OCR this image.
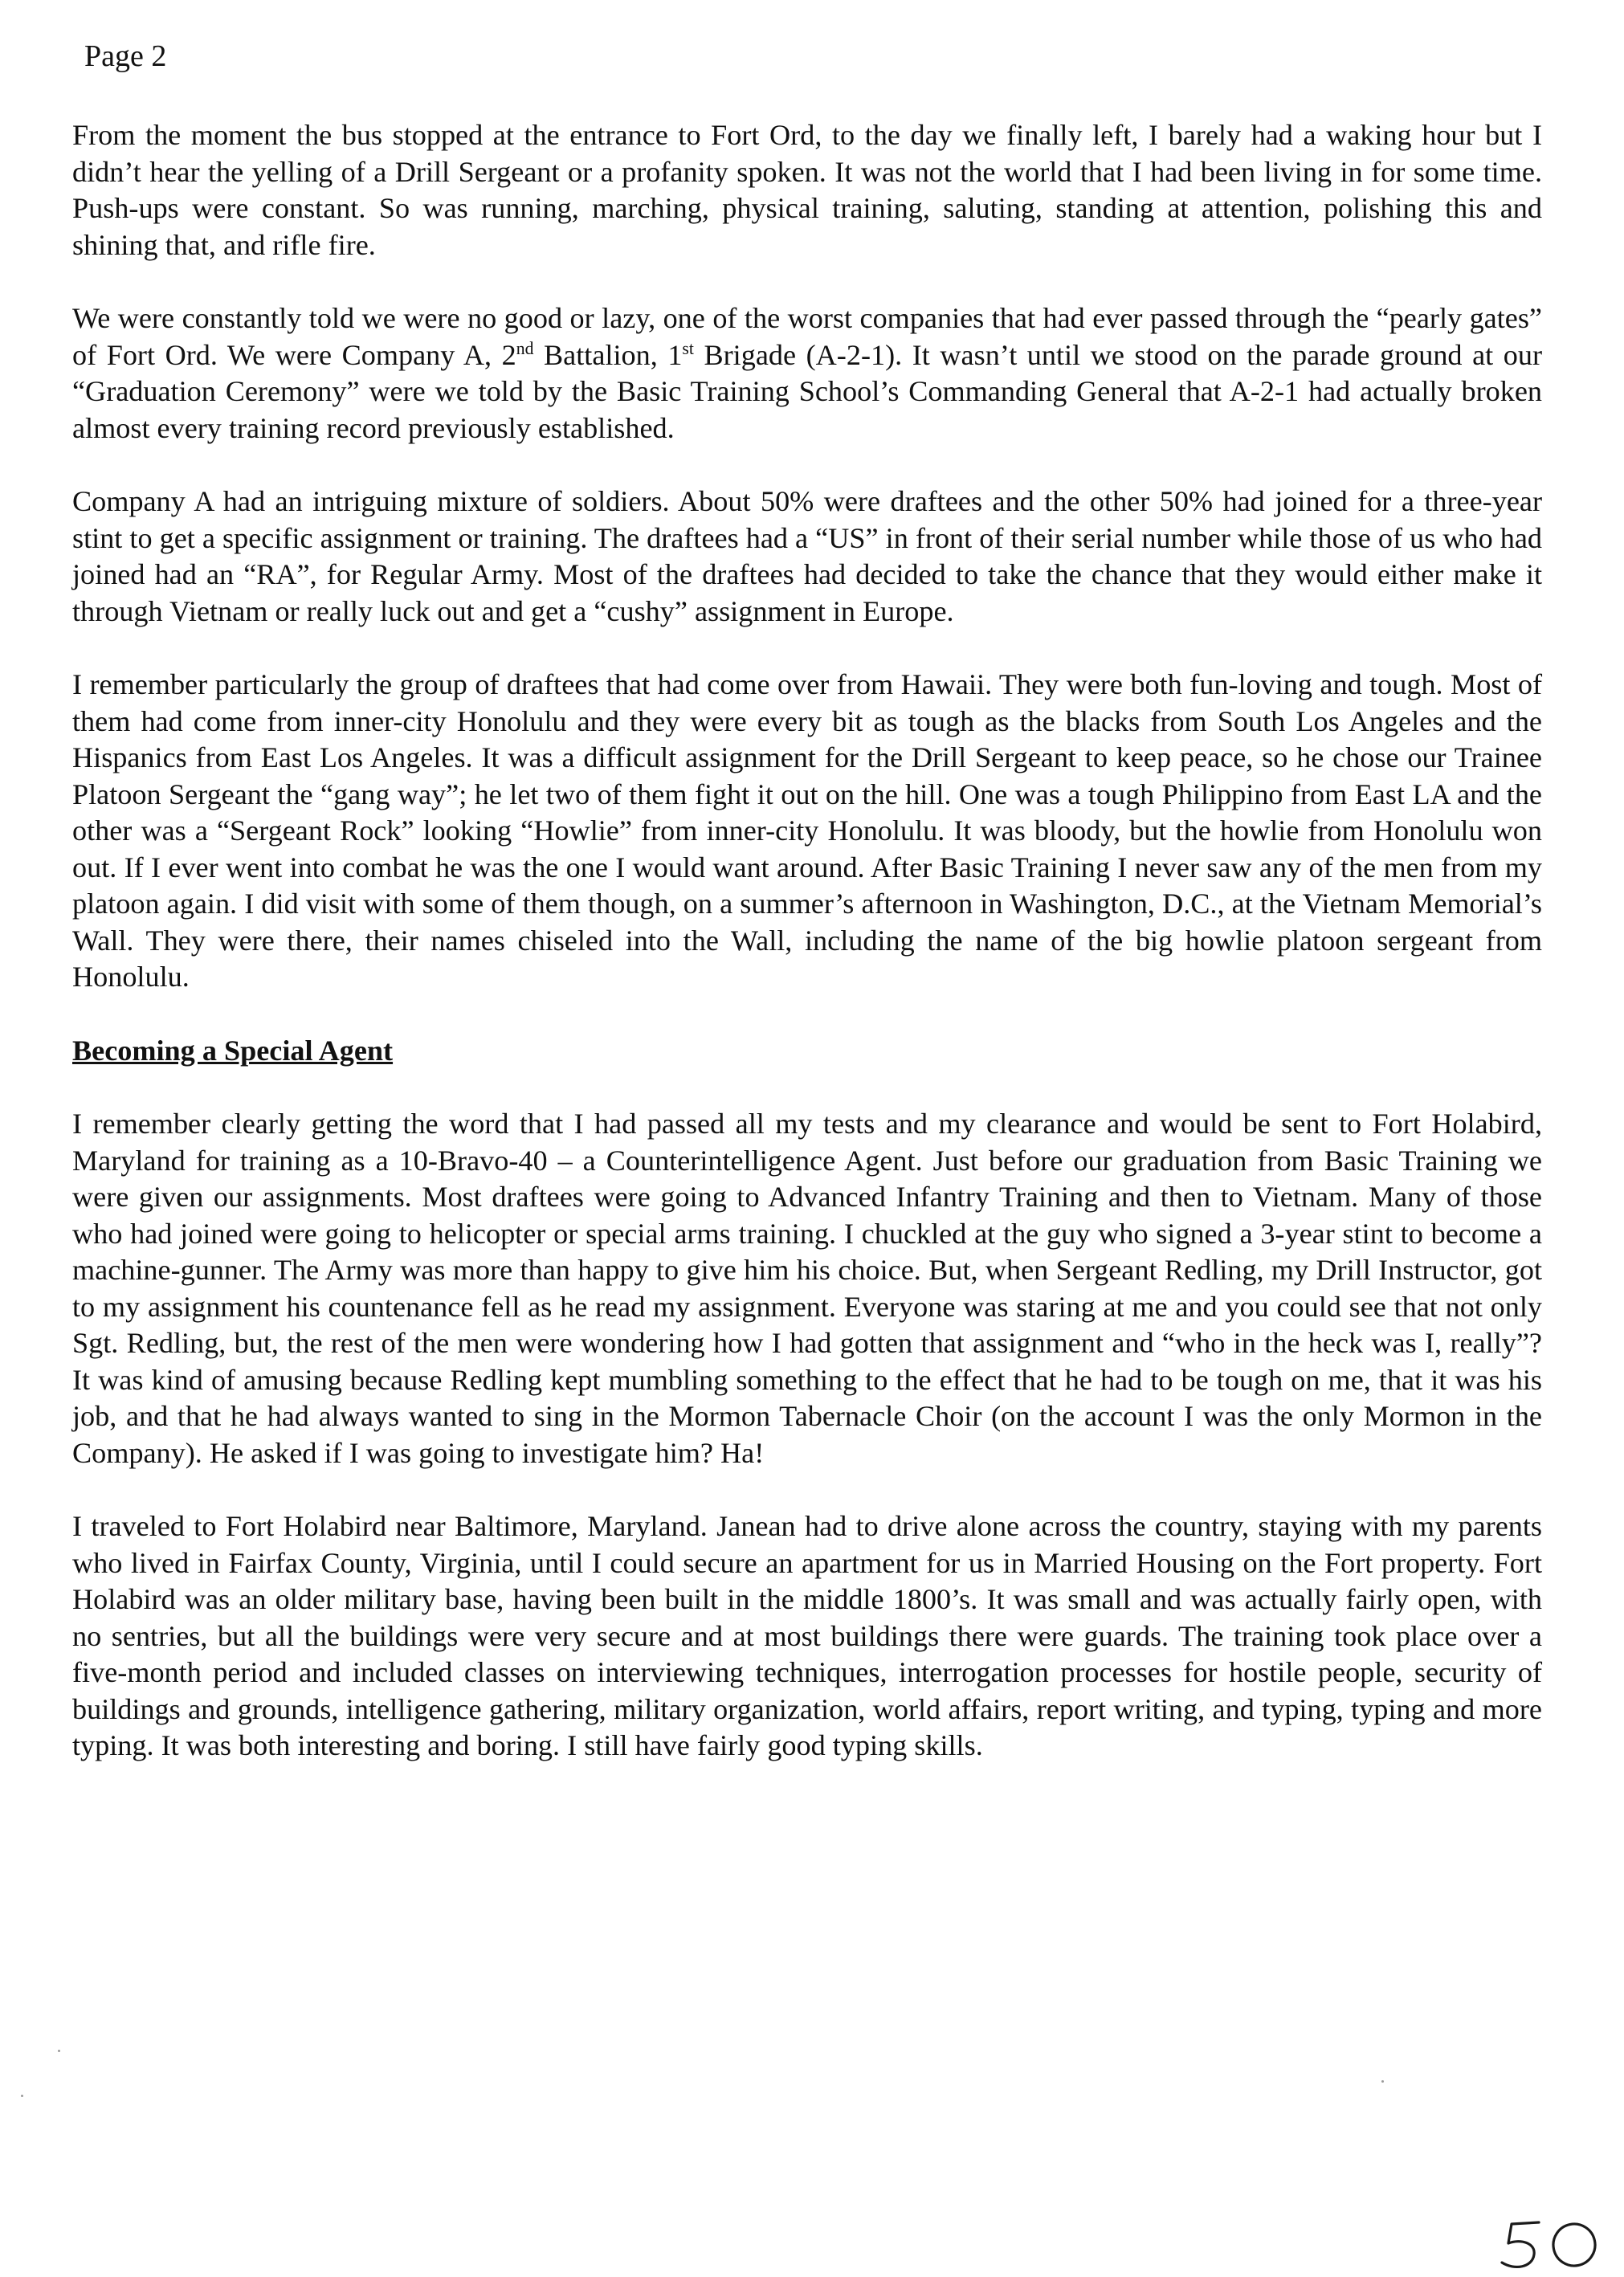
Page 2

From the moment the bus stopped at the entrance to Fort Ord, to the day we finally left, I barely had a waking hour but I didn’t hear the yelling of a Drill Sergeant or a profanity spoken. It was not the world that I had been living in for some time. Push-ups were constant. So was running, marching, physical training, saluting, standing at attention, polishing this and shining that, and rifle fire.

We were constantly told we were no good or lazy, one of the worst companies that had ever passed through the “pearly gates” of Fort Ord. We were Company A, 2nd Battalion, 1st Brigade (A-2-1). It wasn’t until we stood on the parade ground at our “Graduation Ceremony” were we told by the Basic Training School’s Commanding General that A-2-1 had actually broken almost every training record previously established.

Company A had an intriguing mixture of soldiers. About 50% were draftees and the other 50% had joined for a three-year stint to get a specific assignment or training. The draftees had a “US” in front of their serial number while those of us who had joined had an “RA”, for Regular Army. Most of the draftees had decided to take the chance that they would either make it through Vietnam or really luck out and get a “cushy” assignment in Europe.

I remember particularly the group of draftees that had come over from Hawaii. They were both fun-loving and tough. Most of them had come from inner-city Honolulu and they were every bit as tough as the blacks from South Los Angeles and the Hispanics from East Los Angeles. It was a difficult assignment for the Drill Sergeant to keep peace, so he chose our Trainee Platoon Sergeant the “gang way”; he let two of them fight it out on the hill. One was a tough Philippino from East LA and the other was a “Sergeant Rock” looking “Howlie” from inner-city Honolulu. It was bloody, but the howlie from Honolulu won out. If I ever went into combat he was the one I would want around. After Basic Training I never saw any of the men from my platoon again. I did visit with some of them though, on a summer’s afternoon in Washington, D.C., at the Vietnam Memorial’s Wall. They were there, their names chiseled into the Wall, including the name of the big howlie platoon sergeant from Honolulu.

Becoming a Special Agent

I remember clearly getting the word that I had passed all my tests and my clearance and would be sent to Fort Holabird, Maryland for training as a 10-Bravo-40 – a Counterintelligence Agent. Just before our graduation from Basic Training we were given our assignments. Most draftees were going to Advanced Infantry Training and then to Vietnam. Many of those who had joined were going to helicopter or special arms training. I chuckled at the guy who signed a 3-year stint to become a machine-gunner. The Army was more than happy to give him his choice. But, when Sergeant Redling, my Drill Instructor, got to my assignment his countenance fell as he read my assignment. Everyone was staring at me and you could see that not only Sgt. Redling, but, the rest of the men were wondering how I had gotten that assignment and “who in the heck was I, really”? It was kind of amusing because Redling kept mumbling something to the effect that he had to be tough on me, that it was his job, and that he had always wanted to sing in the Mormon Tabernacle Choir (on the account I was the only Mormon in the Company). He asked if I was going to investigate him? Ha!

I traveled to Fort Holabird near Baltimore, Maryland. Janean had to drive alone across the country, staying with my parents who lived in Fairfax County, Virginia, until I could secure an apartment for us in Married Housing on the Fort property. Fort Holabird was an older military base, having been built in the middle 1800’s. It was small and was actually fairly open, with no sentries, but all the buildings were very secure and at most buildings there were guards. The training took place over a five-month period and included classes on interviewing techniques, interrogation processes for hostile people, security of buildings and grounds, intelligence gathering, military organization, world affairs, report writing, and typing, typing and more typing. It was both interesting and boring. I still have fairly good typing skills.
